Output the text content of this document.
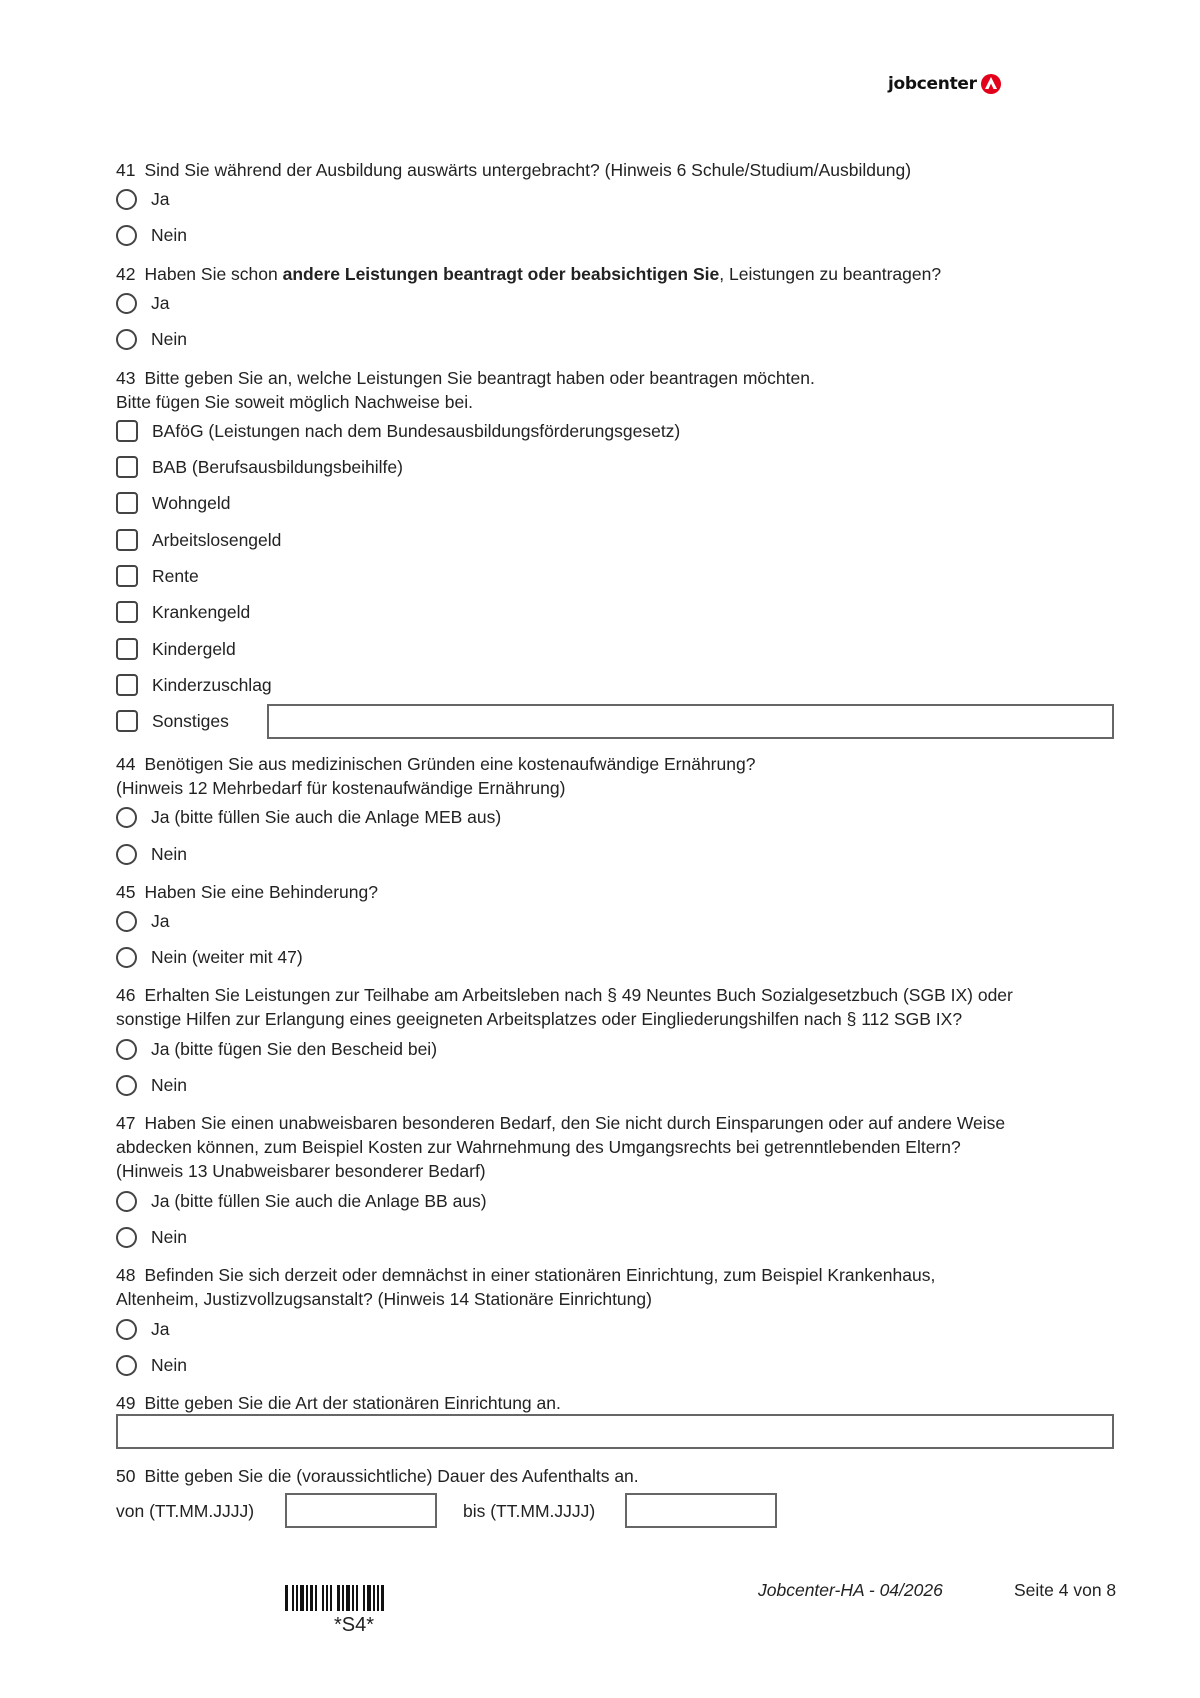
jobcenter
41 Sind Sie während der Ausbildung auswärts untergebracht? (Hinweis 6 Schule/Studium/Ausbildung)
Ja
Nein
42 Haben Sie schon andere Leistungen beantragt oder beabsichtigen Sie, Leistungen zu beantragen?
Ja
Nein
43 Bitte geben Sie an, welche Leistungen Sie beantragt haben oder beantragen möchten.
Bitte fügen Sie soweit möglich Nachweise bei.
BAföG (Leistungen nach dem Bundesausbildungsförderungsgesetz)
BAB (Berufsausbildungsbeihilfe)
Wohngeld
Arbeitslosengeld
Rente
Krankengeld
Kindergeld
Kinderzuschlag
Sonstiges
44 Benötigen Sie aus medizinischen Gründen eine kostenaufwändige Ernährung?
(Hinweis 12 Mehrbedarf für kostenaufwändige Ernährung)
Ja (bitte füllen Sie auch die Anlage MEB aus)
Nein
45 Haben Sie eine Behinderung?
Ja
Nein (weiter mit 47)
46 Erhalten Sie Leistungen zur Teilhabe am Arbeitsleben nach § 49 Neuntes Buch Sozialgesetzbuch (SGB IX) oder
sonstige Hilfen zur Erlangung eines geeigneten Arbeitsplatzes oder Eingliederungshilfen nach § 112 SGB IX?
Ja (bitte fügen Sie den Bescheid bei)
Nein
47 Haben Sie einen unabweisbaren besonderen Bedarf, den Sie nicht durch Einsparungen oder auf andere Weise
abdecken können, zum Beispiel Kosten zur Wahrnehmung des Umgangsrechts bei getrenntlebenden Eltern?
(Hinweis 13 Unabweisbarer besonderer Bedarf)
Ja (bitte füllen Sie auch die Anlage BB aus)
Nein
48 Befinden Sie sich derzeit oder demnächst in einer stationären Einrichtung, zum Beispiel Krankenhaus,
Altenheim, Justizvollzugsanstalt? (Hinweis 14 Stationäre Einrichtung)
Ja
Nein
49 Bitte geben Sie die Art der stationären Einrichtung an.
50 Bitte geben Sie die (voraussichtliche) Dauer des Aufenthalts an.
von (TT.MM.JJJJ)	bis (TT.MM.JJJJ)
*S4*
Jobcenter-HA - 04/2026	Seite 4 von 8
